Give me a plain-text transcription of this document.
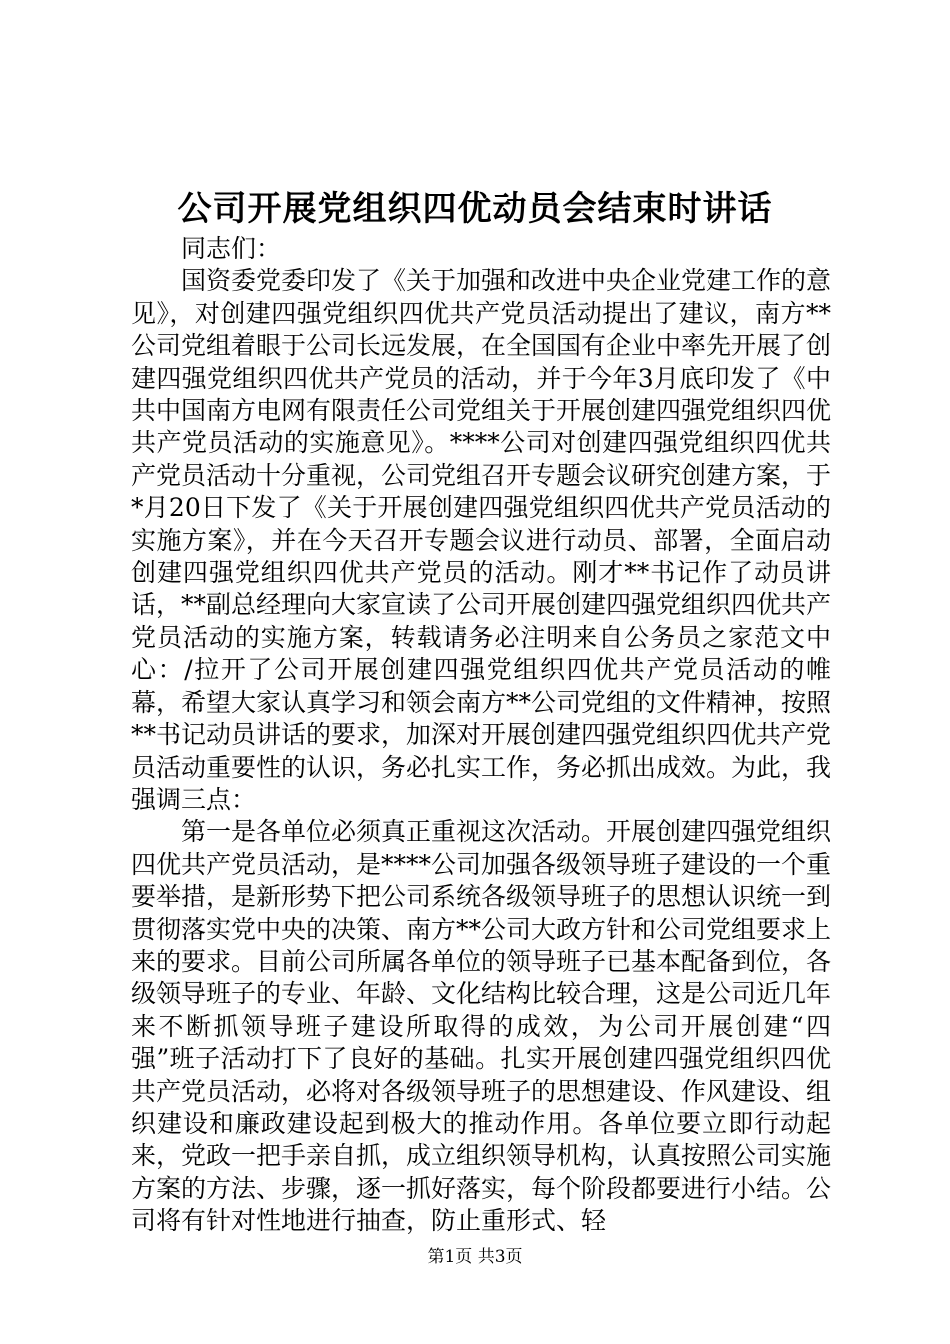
公司开展党组织四优动员会结束时讲话

同志们：

国资委党委印发了《关于加强和改进中央企业党建工作的意见》，对创建四强党组织四优共产党员活动提出了建议，南方**公司党组着眼于公司长远发展，在全国国有企业中率先开展了创建四强党组织四优共产党员的活动，并于今年3月底印发了《中共中国南方电网有限责任公司党组关于开展创建四强党组织四优共产党员活动的实施意见》。****公司对创建四强党组织四优共产党员活动十分重视，公司党组召开专题会议研究创建方案，于*月20日下发了《关于开展创建四强党组织四优共产党员活动的实施方案》，并在今天召开专题会议进行动员、部署，全面启动创建四强党组织四优共产党员的活动。刚才**书记作了动员讲话，**副总经理向大家宣读了公司开展创建四强党组织四优共产党员活动的实施方案，转载请务必注明来自公务员之家范文中心：/拉开了公司开展创建四强党组织四优共产党员活动的帷幕，希望大家认真学习和领会南方**公司党组的文件精神，按照**书记动员讲话的要求，加深对开展创建四强党组织四优共产党员活动重要性的认识，务必扎实工作，务必抓出成效。为此，我强调三点：

第一是各单位必须真正重视这次活动。开展创建四强党组织四优共产党员活动，是****公司加强各级领导班子建设的一个重要举措，是新形势下把公司系统各级领导班子的思想认识统一到贯彻落实党中央的决策、南方**公司大政方针和公司党组要求上来的要求。目前公司所属各单位的领导班子已基本配备到位，各级领导班子的专业、年龄、文化结构比较合理，这是公司近几年来不断抓领导班子建设所取得的成效，为公司开展创建“四强”班子活动打下了良好的基础。扎实开展创建四强党组织四优共产党员活动，必将对各级领导班子的思想建设、作风建设、组织建设和廉政建设起到极大的推动作用。各单位要立即行动起来，党政一把手亲自抓，成立组织领导机构，认真按照公司实施方案的方法、步骤，逐一抓好落实，每个阶段都要进行小结。公司将有针对性地进行抽查，防止重形式、轻

第1页 共3页
